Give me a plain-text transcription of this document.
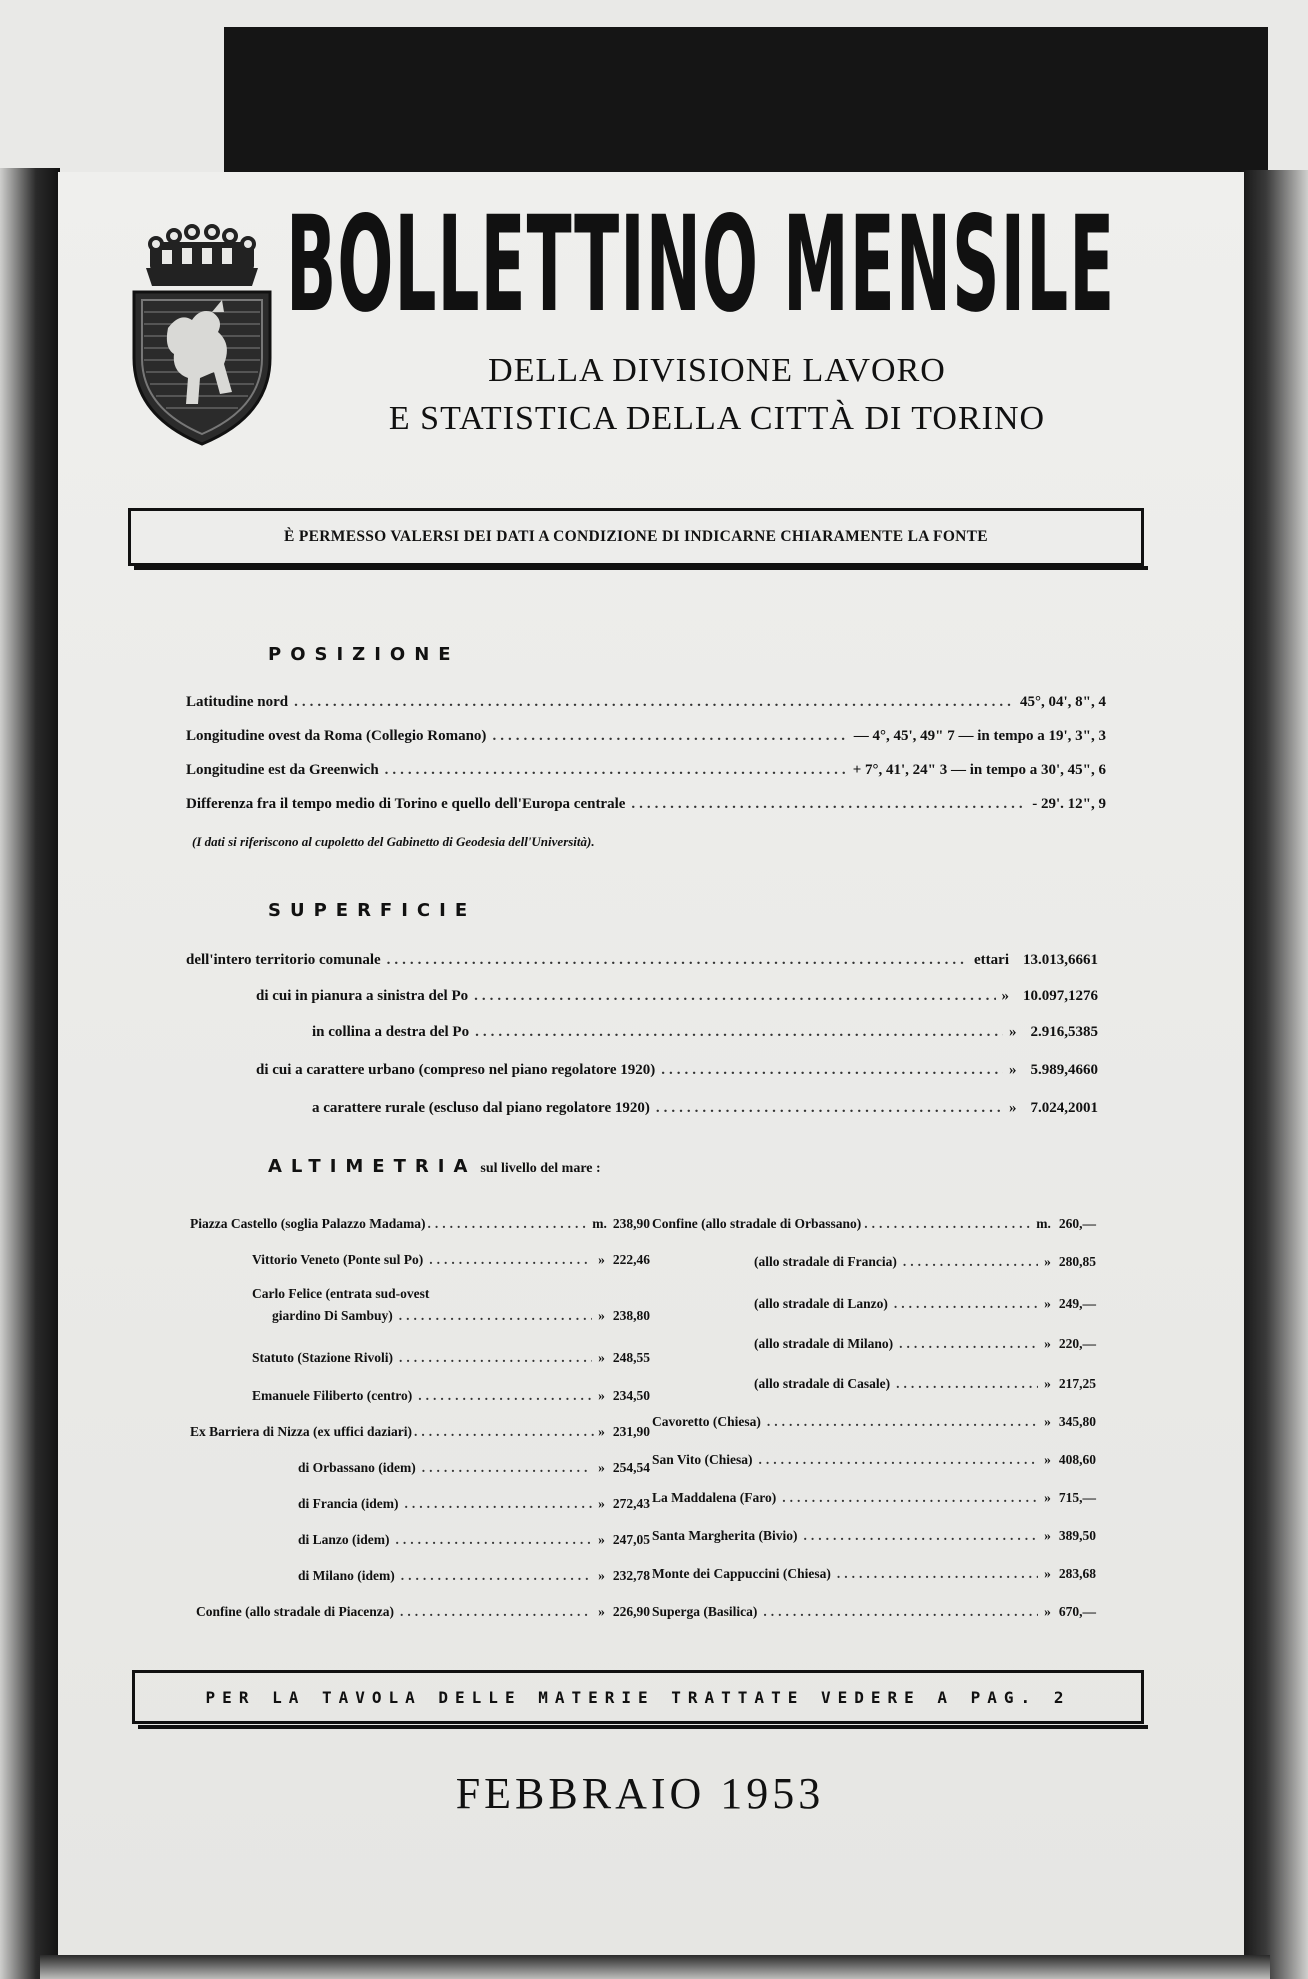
BOLLETTINO MENSILE
DELLA DIVISIONE LAVORO
E STATISTICA DELLA CITTÀ DI TORINO
È PERMESSO VALERSI DEI DATI A CONDIZIONE DI INDICARNE CHIARAMENTE LA FONTE
POSIZIONE
Latitudine nord .....	45°, 04', 8", 4
Longitudine ovest da Roma (Collegio Romano) .....	— 4°, 45', 49" 7 — in tempo a 19', 3", 3
Longitudine est da Greenwich .....	+ 7°, 41', 24" 3 — in tempo a 30', 45", 6
Differenza fra il tempo medio di Torino e quello dell'Europa centrale .....	- 29'. 12", 9
(I dati si riferiscono al cupoletto del Gabinetto di Geodesia dell'Università).
SUPERFICIE
dell'intero territorio comunale .....	ettari 13.013,6661
di cui in pianura a sinistra del Po .....	» 10.097,1276
in collina a destra del Po .....	» 2.916,5385
di cui a carattere urbano (compreso nel piano regolatore 1920) .....	» 5.989,4660
a carattere rurale (escluso dal piano regolatore 1920) .....	» 7.024,2001
ALTIMETRIA sul livello del mare :
Piazza Castello (soglia Palazzo Madama) .....	m. 238,90
Vittorio Veneto (Ponte sul Po) .....	» 222,46
Carlo Felice (entrata sud-ovest
giardino Di Sambuy) .....	» 238,80
Statuto (Stazione Rivoli) .....	» 248,55
Emanuele Filiberto (centro) .....	» 234,50
Ex Barriera di Nizza (ex uffici daziari) .....	» 231,90
di Orbassano (idem) .....	» 254,54
di Francia (idem) .....	» 272,43
di Lanzo (idem) .....	» 247,05
di Milano (idem) .....	» 232,78
Confine (allo stradale di Piacenza) .....	» 226,90
Confine (allo stradale di Orbassano) .....	m. 260,—
(allo stradale di Francia) .....	» 280,85
(allo stradale di Lanzo) .....	» 249,—
(allo stradale di Milano) .....	» 220,—
(allo stradale di Casale) .....	» 217,25
Cavoretto (Chiesa) .....	» 345,80
San Vito (Chiesa) .....	» 408,60
La Maddalena (Faro) .....	» 715,—
Santa Margherita (Bivio) .....	» 389,50
Monte dei Cappuccini (Chiesa) .....	» 283,68
Superga (Basilica) .....	» 670,—
PER LA TAVOLA DELLE MATERIE TRATTATE VEDERE A PAG. 2
FEBBRAIO 1953
